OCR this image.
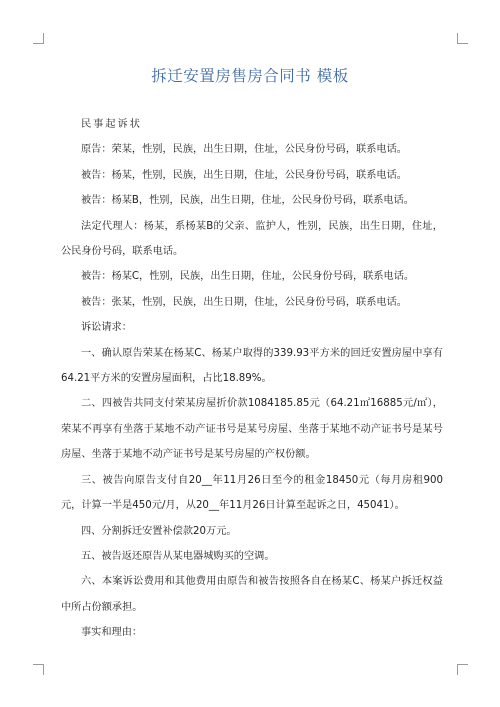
拆迁安置房售房合同书 模板

民事起诉状

原告：荣某，性别，民族，出生日期，住址，公民身份号码，联系电话。

被告：杨某，性别，民族，出生日期，住址，公民身份号码，联系电话。

被告：杨某B，性别，民族，出生日期，住址，公民身份号码，联系电话。

法定代理人：杨某，系杨某B的父亲、监护人，性别，民族，出生日期，住址，公民身份号码，联系电话。

被告：杨某C，性别，民族，出生日期，住址，公民身份号码，联系电话。

被告：张某，性别，民族，出生日期，住址，公民身份号码，联系电话。

诉讼请求：

一、确认原告荣某在杨某C、杨某户取得的339.93平方米的回迁安置房屋中享有64.21平方米的安置房屋面积，占比18.89%。

二、四被告共同支付荣某房屋折价款1084185.85元（64.21㎡16885元/㎡），荣某不再享有坐落于某地不动产证书号是某号房屋、坐落于某地不动产证书号是某号房屋、坐落于某地不动产证书号是某号房屋的产权份额。

三、被告向原告支付自20__年11月26日至今的租金18450元（每月房租900元，计算一半是450元/月，从20__年11月26日计算至起诉之日，45041）。

四、分割拆迁安置补偿款20万元。

五、被告返还原告从某电器城购买的空调。

六、本案诉讼费用和其他费用由原告和被告按照各自在杨某C、杨某户拆迁权益中所占份额承担。

事实和理由：
